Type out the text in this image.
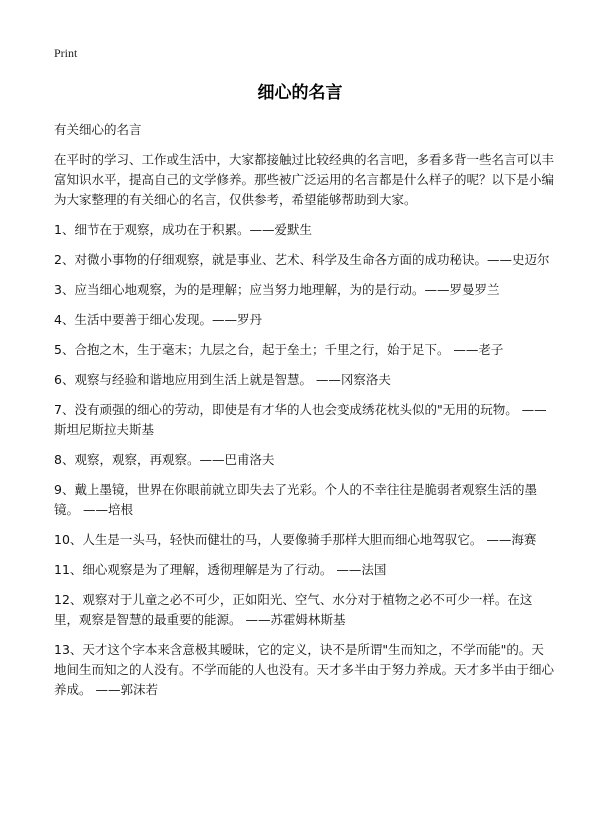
Print
细心的名言
有关细心的名言
在平时的学习、工作或生活中，大家都接触过比较经典的名言吧，多看多背一些名言可以丰富知识水平，提高自己的文学修养。那些被广泛运用的名言都是什么样子的呢？以下是小编为大家整理的有关细心的名言，仅供参考，希望能够帮助到大家。
1、细节在于观察，成功在于积累。——爱默生
2、对微小事物的仔细观察，就是事业、艺术、科学及生命各方面的成功秘诀。——史迈尔
3、应当细心地观察，为的是理解；应当努力地理解，为的是行动。——罗曼罗兰
4、生活中要善于细心发现。——罗丹
5、合抱之木，生于毫末；九层之台，起于垒土；千里之行，始于足下。 ——老子
6、观察与经验和谐地应用到生活上就是智慧。 ——冈察洛夫
7、没有顽强的细心的劳动，即使是有才华的人也会变成绣花枕头似的"无用的玩物。 ——斯坦尼斯拉夫斯基
8、观察，观察，再观察。——巴甫洛夫
9、戴上墨镜，世界在你眼前就立即失去了光彩。个人的不幸往往是脆弱者观察生活的墨镜。 ——培根
10、人生是一头马，轻快而健壮的马，人要像骑手那样大胆而细心地驾驭它。 ——海赛
11、细心观察是为了理解，透彻理解是为了行动。 ——法国
12、观察对于儿童之必不可少，正如阳光、空气、水分对于植物之必不可少一样。在这里，观察是智慧的最重要的能源。 ——苏霍姆林斯基
13、天才这个字本来含意极其暧昧，它的定义，诀不是所谓"生而知之，不学而能"的。天地间生而知之的人没有。不学而能的人也没有。天才多半由于努力养成。天才多半由于细心养成。 ——郭沫若
